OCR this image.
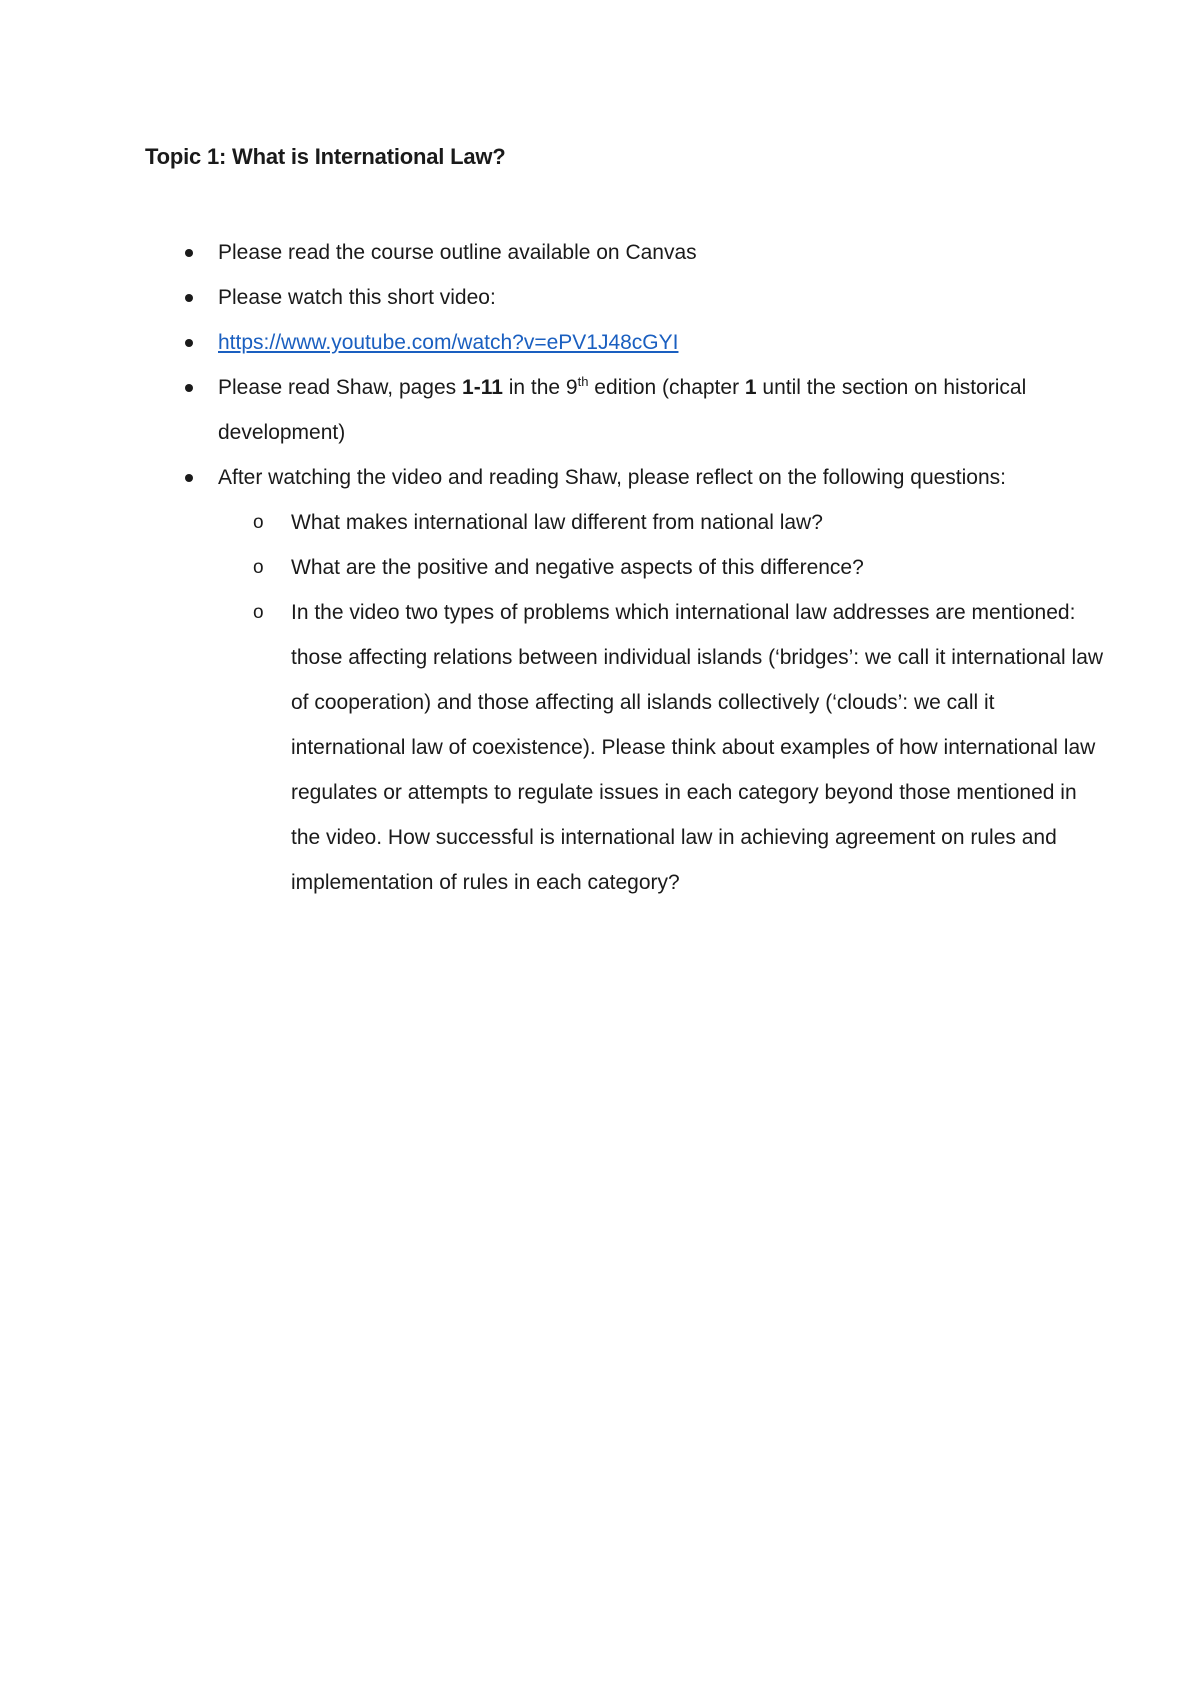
Topic 1: What is International Law?
Please read the course outline available on Canvas
Please watch this short video:
https://www.youtube.com/watch?v=ePV1J48cGYI
Please read Shaw, pages 1-11 in the 9th edition (chapter 1 until the section on historical development)
After watching the video and reading Shaw, please reflect on the following questions:
o What makes international law different from national law?
o What are the positive and negative aspects of this difference?
o In the video two types of problems which international law addresses are mentioned: those affecting relations between individual islands (‘bridges’: we call it international law of cooperation) and those affecting all islands collectively (‘clouds’: we call it international law of coexistence). Please think about examples of how international law regulates or attempts to regulate issues in each category beyond those mentioned in the video. How successful is international law in achieving agreement on rules and implementation of rules in each category?
